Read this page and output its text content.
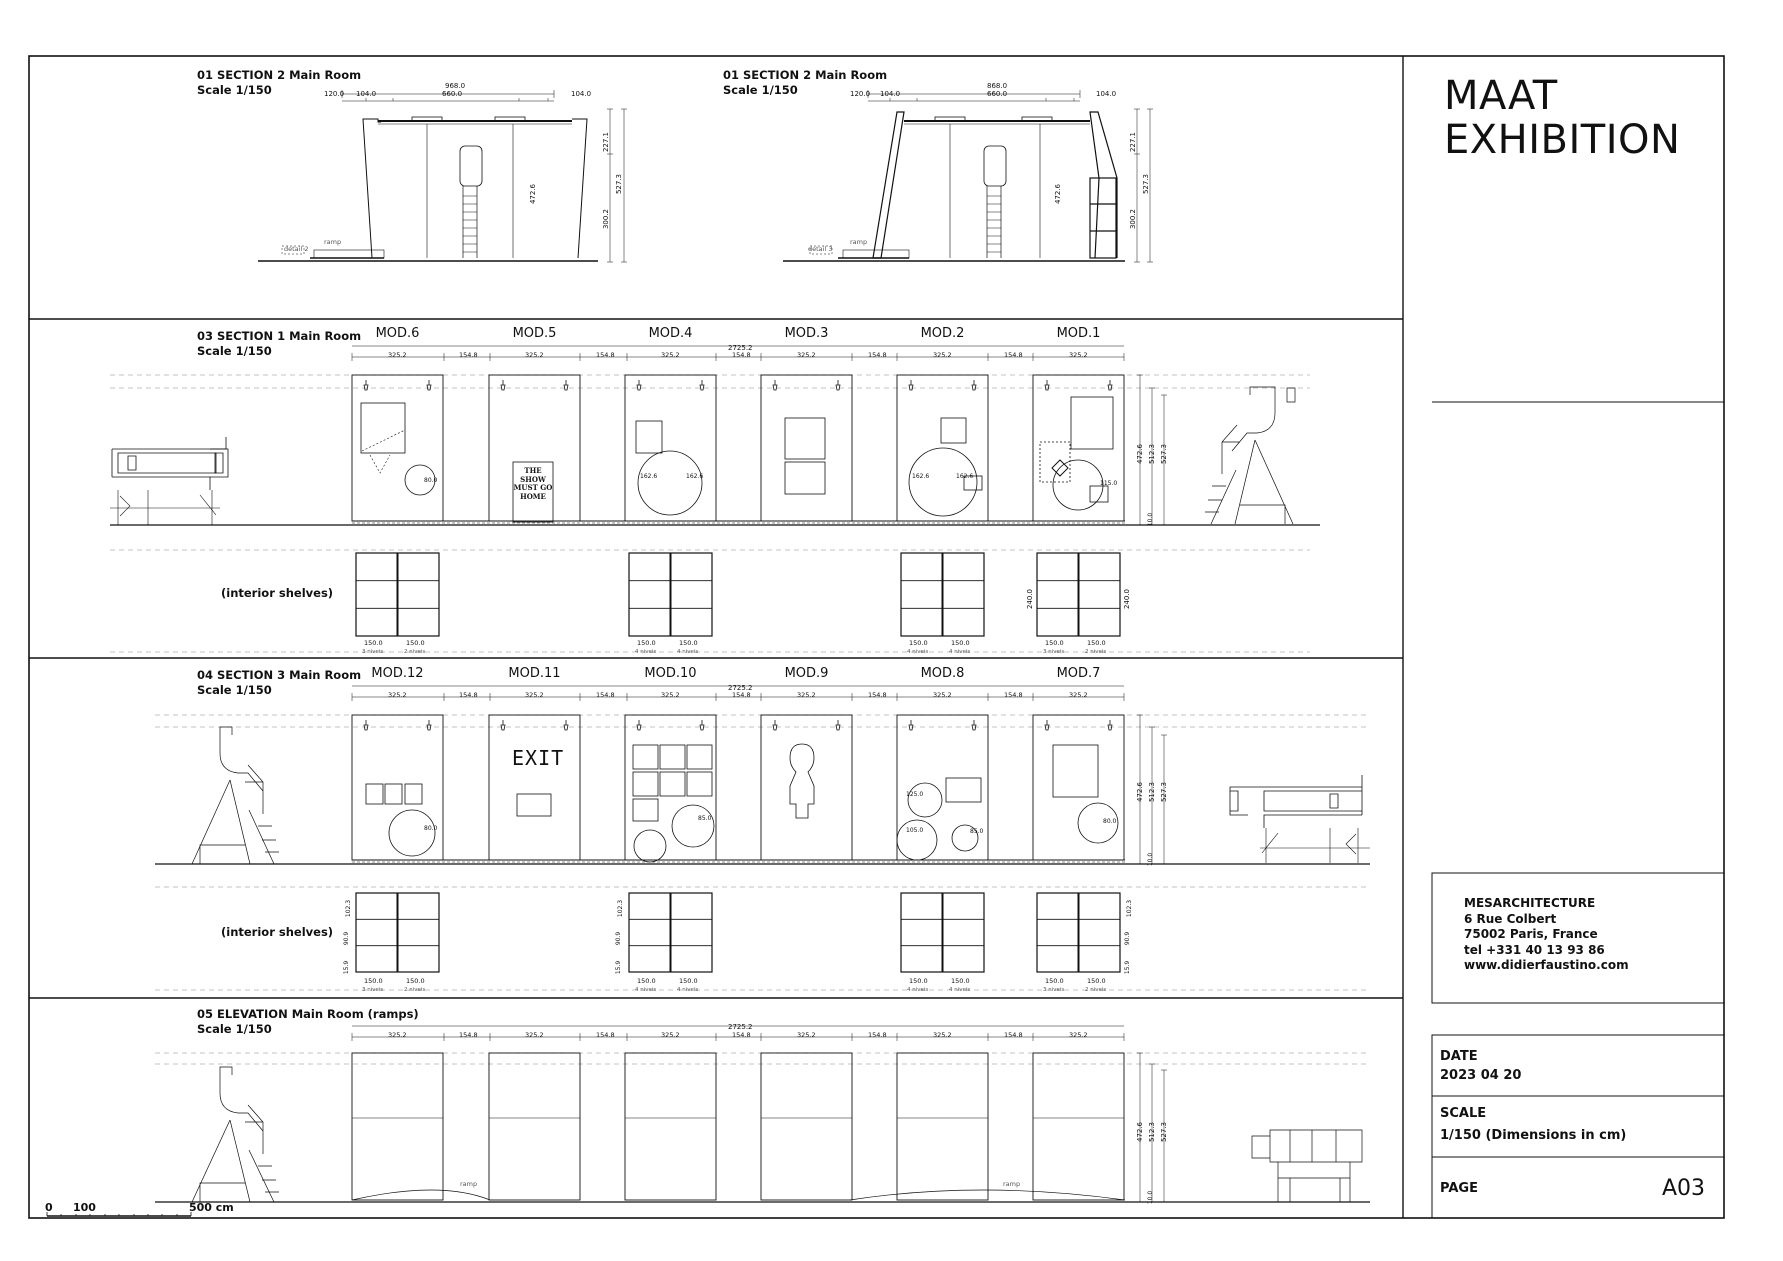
01 SECTION 2 Main Room
Scale 1/150
01 SECTION 2 Main Room
Scale 1/150
03 SECTION 1 Main Room
Scale 1/150
04 SECTION 3 Main Room
Scale 1/150
05 ELEVATION Main Room (ramps)
Scale 1/150
MOD.6	MOD.5	MOD.4	MOD.3	MOD.2	MOD.1
MOD.12	MOD.11	MOD.10	MOD.9	MOD.8	MOD.7
(interior shelves)
(interior shelves)
968.0
660.0
120.0 104.0	104.0
detail 2
ramp
227.1
527.3
300.2
472.6
868.0
660.0
120.0 104.0	104.0
detail 3
ramp
227.1
527.3
300.2
472.6
2725.2
2725.2
2725.2
325.2	154.8	325.2	154.8	325.2	154.8	325.2	154.8	325.2	154.8	325.2
325.2	154.8	325.2	154.8	325.2	154.8	325.2	154.8	325.2	154.8	325.2
325.2	154.8	325.2	154.8	325.2	154.8	325.2	154.8	325.2	154.8	325.2
150.0
3 niveis
150.0
2 niveis
150.0
4 niveis
150.0
4 niveis
150.0
4 niveis
150.0
4 niveis
150.0
3 niveis
150.0
2 niveis
150.0
3 niveis
150.0
2 niveis
150.0
4 niveis
150.0
4 niveis
150.0
4 niveis
150.0
4 niveis
150.0
3 niveis
150.0
2 niveis
102.3
90.9
15.9
102.3
90.9
15.9
102.3
90.9
15.9
472.6 512.3 527.3
472.6 512.3 527.3
472.6 512.3 527.3
10.0
10.0
10.0
240.0	240.0
ramp	ramp
THE SHOW MUST GO HOME
EXIT
162.6	162.6	162.6	162.6
80.0	115.0
80.0
80.0
85.0
85.0
125.0
105.0
0 100	500 cm
MAAT
EXHIBITION
MESARCHITECTURE
6 Rue Colbert
75002 Paris, France
tel +331 40 13 93 86
www.didierfaustino.com
DATE
2023 04 20
SCALE
1/150 (Dimensions in cm)
PAGE	A03
